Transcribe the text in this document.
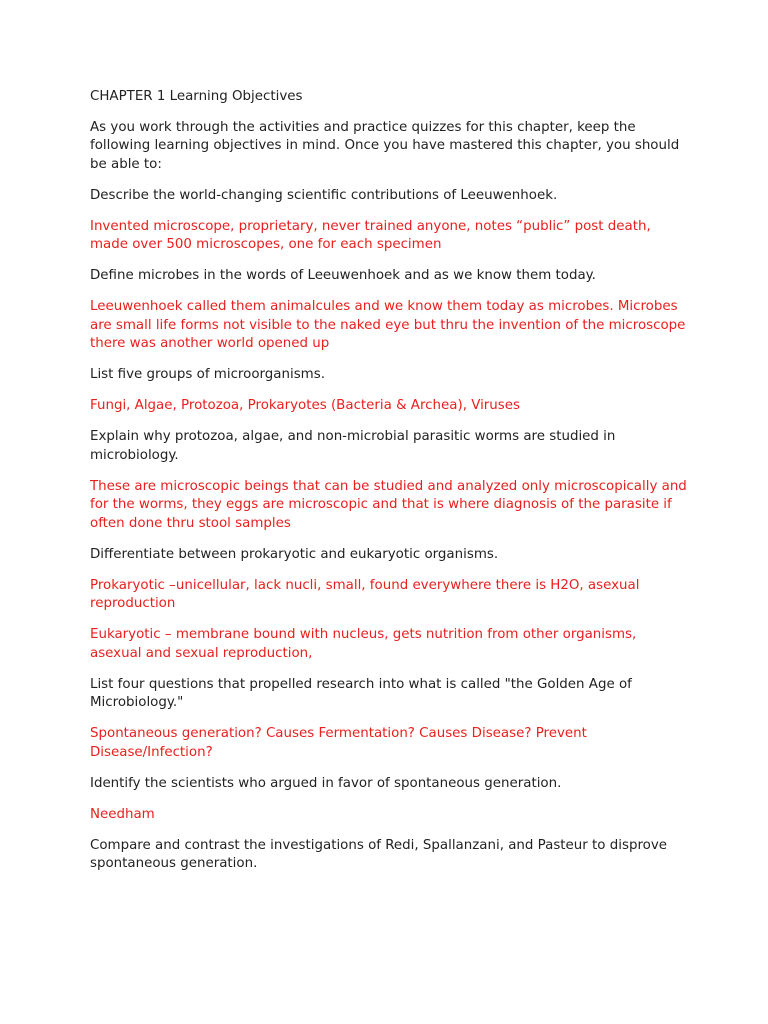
CHAPTER 1 Learning Objectives

As you work through the activities and practice quizzes for this chapter, keep the following learning objectives in mind. Once you have mastered this chapter, you should be able to:

Describe the world-changing scientific contributions of Leeuwenhoek.

Invented microscope, proprietary, never trained anyone, notes “public” post death, made over 500 microscopes, one for each specimen

Define microbes in the words of Leeuwenhoek and as we know them today.

Leeuwenhoek called them animalcules and we know them today as microbes. Microbes are small life forms not visible to the naked eye but thru the invention of the microscope there was another world opened up

List five groups of microorganisms.

Fungi, Algae, Protozoa, Prokaryotes (Bacteria & Archea), Viruses

Explain why protozoa, algae, and non-microbial parasitic worms are studied in microbiology.

These are microscopic beings that can be studied and analyzed only microscopically and for the worms, they eggs are microscopic and that is where diagnosis of the parasite if often done thru stool samples

Differentiate between prokaryotic and eukaryotic organisms.

Prokaryotic –unicellular, lack nucli, small, found everywhere there is H2O, asexual reproduction

Eukaryotic – membrane bound with nucleus, gets nutrition from other organisms, asexual and sexual reproduction,

List four questions that propelled research into what is called "the Golden Age of Microbiology."

Spontaneous generation? Causes Fermentation? Causes Disease? Prevent Disease/Infection?

Identify the scientists who argued in favor of spontaneous generation.

Needham

Compare and contrast the investigations of Redi, Spallanzani, and Pasteur to disprove spontaneous generation.
